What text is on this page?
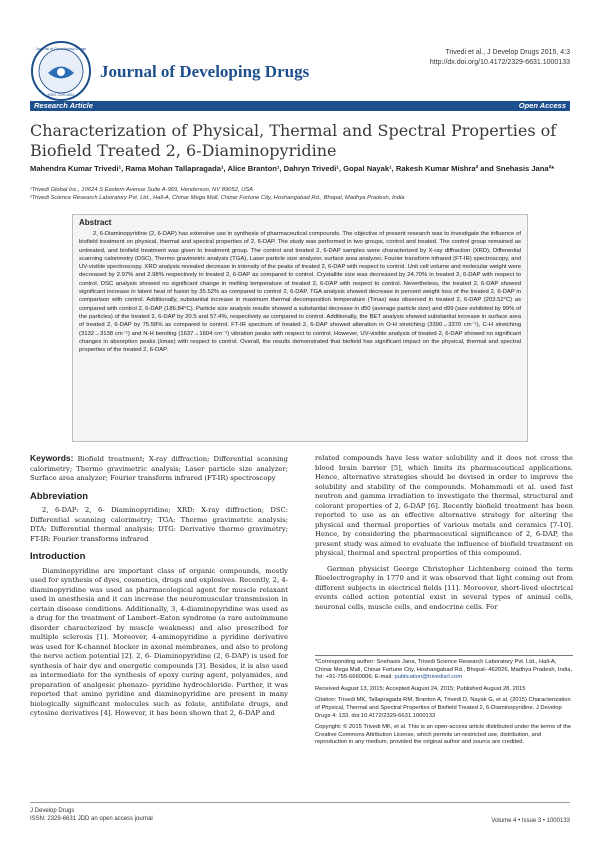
Journal of Developing Drugs
ISSN: 2329-6631
Journal of Developing Drugs
Trivedi et al., J Develop Drugs 2015, 4:3
http://dx.doi.org/10.4172/2329-6631.1000133
Research Article	Open Access
Characterization of Physical, Thermal and Spectral Properties of Biofield Treated 2, 6-Diaminopyridine
Mahendra Kumar Trivedi¹, Rama Mohan Tallapragada¹, Alice Branton¹, Dahryn Trivedi¹, Gopal Nayak¹, Rakesh Kumar Mishra² and Snehasis Jana²*
¹Trivedi Global Inc., 10624 S Eastern Avenue Suite A-969, Henderson, NV 89052, USA
²Trivedi Science Research Laboratory Pvt. Ltd., Hall-A, Chinar Mega Mall, Chinar Fortune City, Hoshangabad Rd., Bhopal, Madhya Pradesh, India
Abstract

2, 6-Diaminopyridine (2, 6-DAP) has extensive use in synthesis of pharmaceutical compounds. The objective of present research was to investigate the influence of biofield treatment on physical, thermal and spectral properties of 2, 6-DAP. The study was performed in two groups, control and treated. The control group remained as untreated, and biofield treatment was given to treatment group. The control and treated 2, 6-DAP samples were characterized by X-ray diffraction (XRD), Differential scanning calorimetry (DSC), Thermo gravimetric analysis (TGA), Laser particle size analyzer, surface area analyzer, Fourier transform infrared (FT-IR) spectroscopy, and UV-visible spectroscopy. XRD analysis revealed decrease in intensity of the peaks of treated 2, 6-DAP with respect to control. Unit cell volume and molecular weight were decreased by 2.97% and 2.98% respectively in treated 2, 6-DAP as compared to control. Crystallite size was decreased by 24.70% in treated 2, 6-DAP with respect to control. DSC analysis showed no significant change in melting temperature of treated 2, 6-DAP with respect to control. Nevertheless, the treated 2, 6-DAP showed significant increase in latent heat of fusion by 35.52% as compared to control 2, 6-DAP. TGA analysis showed decrease in percent weight loss of the treated 2, 6-DAP in comparison with control. Additionally, substantial increase in maximum thermal decomposition temperature (Tmax) was observed in treated 2, 6-DAP (203.52°C) as compared with control 2, 6-DAP (186.84°C). Particle size analysis results showed a substantial decrease in d50 (average particle size) and d99 (size exhibited by 99% of the particles) of the treated 2, 6-DAP by 20.5 and 57.4%, respectively as compared to control. Additionally, the BET analysis showed substantial increase in surface area of treated 2, 6-DAP by 75.58% as compared to control. FT-IR spectrum of treated 2, 6-DAP showed alteration in O-H stretching (3390→3370 cm⁻¹), C-H stretching (3132→3138 cm⁻¹) and N-H bending (1637→1604 cm⁻¹) vibration peaks with respect to control. However, UV-visible analysis of treated 2, 6-DAP showed no significant changes in absorption peaks (λmax) with respect to control. Overall, the results demonstrated that biofield has significant impact on the physical, thermal and spectral properties of the treated 2, 6-DAP.

Keywords: Biofield treatment; X-ray diffraction; Differential scanning calorimetry; Thermo gravimetric analysis; Laser particle size analyzer; Surface area analyzer; Fourier transform infrared (FT-IR) spectroscopy

Abbreviation

2, 6-DAP: 2, 6- Diaminopyridine; XRD: X-ray diffraction; DSC: Differential scanning calorimetry; TGA: Thermo gravimetric analysis; DTA: Differential thermal analysis; DTG: Derivative thermo gravimetry; FT-IR: Fourier transforms infrared

Introduction

Diaminopyridine are important class of organic compounds, mostly used for synthesis of dyes, cosmetics, drugs and explosives. Recently, 2, 4-diaminopyridine was used as pharmacological agent for muscle relaxant used in anesthesia and it can increase the neuromuscular transmission in certain disease conditions. Additionally, 3, 4-diaminopyridine was used as a drug for the treatment of Lambert–Eaton syndrome (a rare autoimmune disorder characterized by muscle weakness) and also prescribed for multiple sclerosis [1]. Moreover, 4-aminopyridine a pyridine derivative was used for K-channel blocker in axonal membranes, and also to prolong the nerve action potential [2]. 2, 6- Diaminopyridine (2, 6-DAP) is used for synthesis of hair dye and energetic compounds [3]. Besides, it is also used as intermediate for the synthesis of epoxy curing agent, polyamides, and preparation of analgesic phenazo- pyridine hydrochloride. Further, it was reported that amino pyridine and diaminopyridine are present in many biologically significant molecules such as folate, antifolate drugs, and cytosine derivatives [4]. However, it has been shown that 2, 6-DAP and

related compounds have less water solubility and it does not cross the blood brain barrier [5], which limits its pharmaceutical applications. Hence, alternative strategies should be devised in order to improve the solubility and stability of the compounds. Mohammadi et al. used fast neutron and gamma irradiation to investigate the thermal, structural and colorant properties of 2, 6-DAP [6]. Recently biofield treatment has been reported to use as an effective alternative strategy for altering the physical and thermal properties of various metals and ceramics [7-10]. Hence, by considering the pharmaceutical significance of 2, 6-DAP, the present study was aimed to evaluate the influence of biofield treatment on physical, thermal and spectral properties of this compound.

German physicist George Christopher Lichtenberg coined the term Bioelectrography in 1770 and it was observed that light coming out from different subjects in electrical fields [11]. Moreover, short-lived electrical events called action potential exist in several types of animal cells, neuronal cells, muscle cells, and endocrine cells. For

*Corresponding author: Snehasis Jana, Trivedi Science Research Laboratory Pvt. Ltd., Hall-A, Chinar Mega Mall, Chinar Fortune City, Hoshangabad Rd., Bhopal- 462026, Madhya Pradesh, India, Tel: +91-755-6660006; E-mail: publication@trivedisrl.com

Received August 13, 2015; Accepted August 24, 2015; Published August 28, 2015

Citation: Trivedi MK, Tallapragada RM, Branton A, Trivedi D, Nayak G, et al. (2015) Characterization of Physical, Thermal and Spectral Properties of Biofield Treated 2, 6-Diaminopyridine. J Develop Drugs 4: 133. doi:10.4172/2329-6631.1000133

Copyright: © 2015 Trivedi MK, et al. This is an open-access article distributed under the terms of the Creative Commons Attribution License, which permits un-restricted use, distribution, and reproduction in any medium, provided the original author and source are credited.

J Develop Drugs
ISSN: 2329-6631 JDD an open access journal	Volume 4 • Issue 3 • 1000133
